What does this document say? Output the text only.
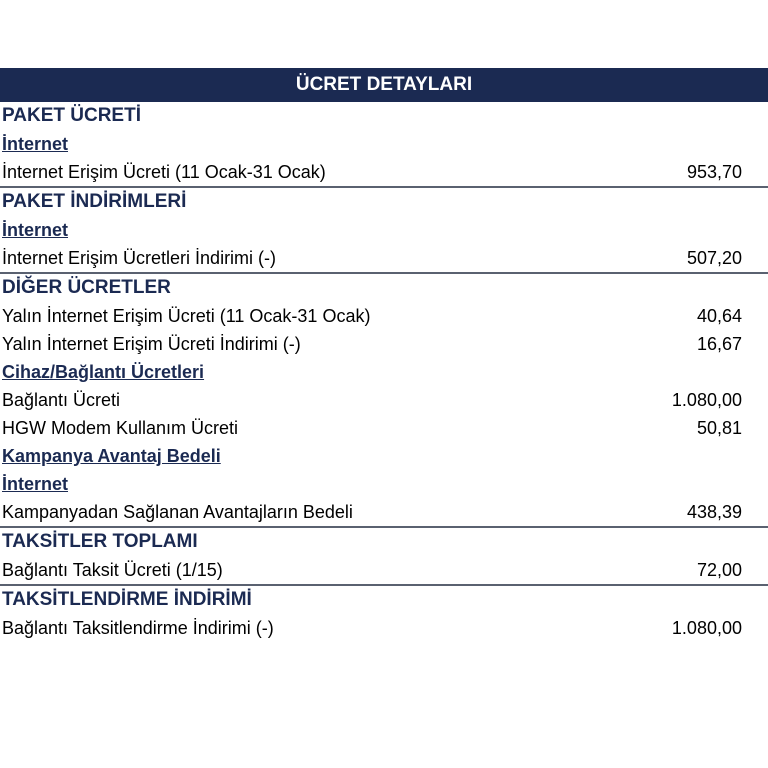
ÜCRET DETAYLARI
PAKET ÜCRETİ
İnternet
İnternet Erişim Ücreti (11 Ocak-31 Ocak)	953,70
PAKET İNDİRİMLERİ
İnternet
İnternet Erişim Ücretleri İndirimi (-)	507,20
DİĞER ÜCRETLER
Yalın İnternet Erişim Ücreti (11 Ocak-31 Ocak)	40,64
Yalın İnternet Erişim Ücreti İndirimi (-)	16,67
Cihaz/Bağlantı Ücretleri
Bağlantı Ücreti	1.080,00
HGW Modem Kullanım Ücreti	50,81
Kampanya Avantaj Bedeli
İnternet
Kampanyadan Sağlanan Avantajların Bedeli	438,39
TAKSİTLER TOPLAMI
Bağlantı Taksit Ücreti (1/15)	72,00
TAKSİTLENDİRME İNDİRİMİ
Bağlantı Taksitlendirme İndirimi (-)	1.080,00
